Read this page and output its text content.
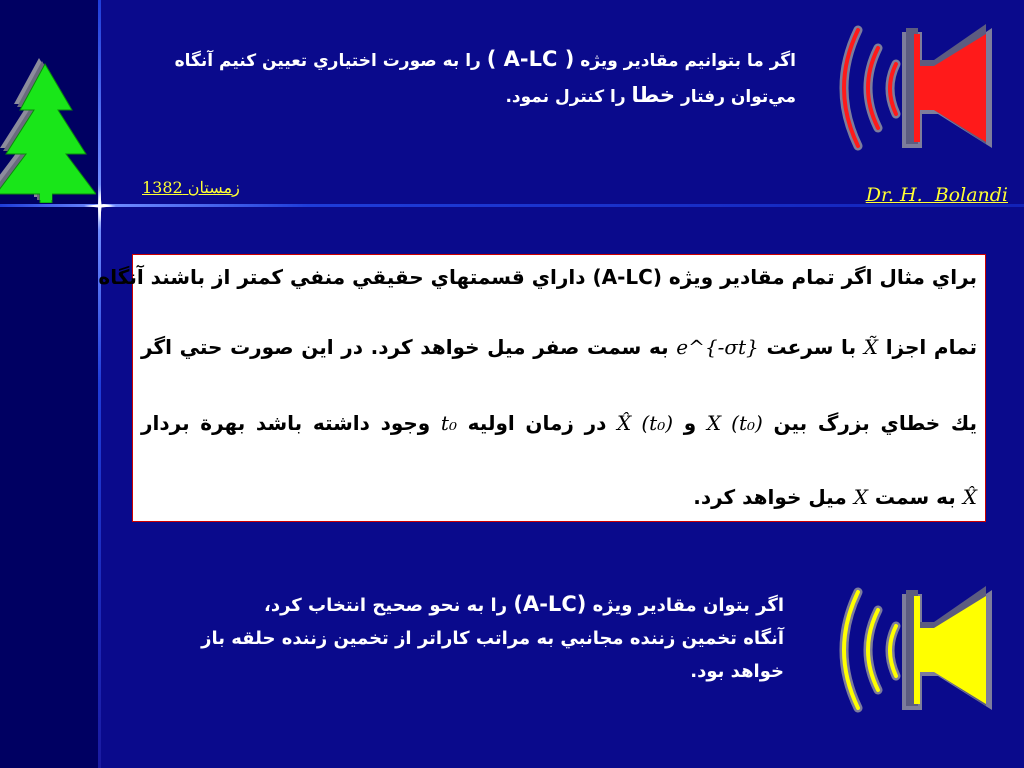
اگر ما بتوانیم مقادیر ویژه ( A-LC ) را به صورت اختیاري تعیین کنیم آنگاه
مي‌توان رفتار خطا را کنترل نمود.
زمستان 1382	Dr. H.  Bolandi
براي مثال اگر تمام مقادير ويژه (A-LC) داراي قسمتهاي حقيقي منفي كمتر از باشند آنگاه
تمام اجزا X̃ با سرعت e^{-σt} به سمت صفر ميل خواهد كرد. در اين صورت حتي اگر
يك خطاي بزرگ بين X (t₀) و X̂ (t₀) در زمان اوليه t₀ وجود داشته باشد بهرة بردار
X̂ به سمت X ميل خواهد كرد.
اگر بتوان مقادیر ویژه (A-LC) را به نحو صحیح انتخاب کرد،
آنگاه تخمین زننده مجانبي به مراتب کاراتر از تخمین زننده حلقه باز
خواهد بود.
